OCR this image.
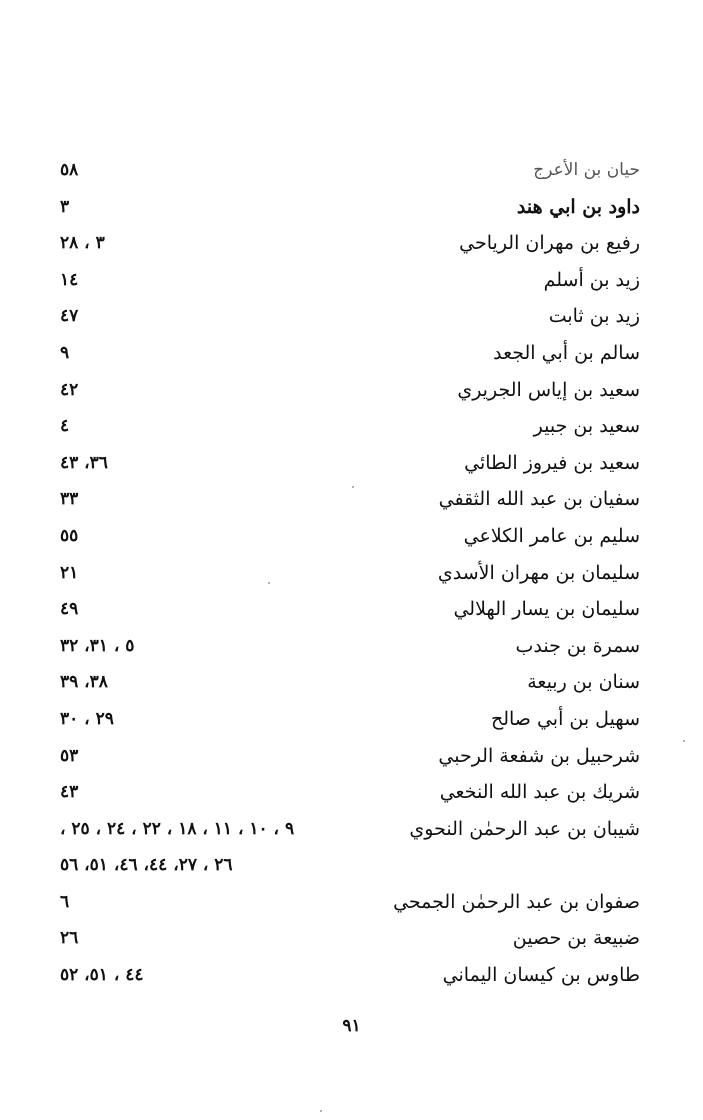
حيان بن الأعرج
٥٨
داود بن ابي هند
٣
رفيع بن مهران الرياحي
٣ ، ٢٨
زيد بن أسلم
١٤
زيد بن ثابت
٤٧
سالم بن أبي الجعد
٩
سعيد بن إياس الجريري
٤٢
سعيد بن جبير
٤
سعيد بن فيروز الطائي
٣٦، ٤٣
سفيان بن عبد الله الثقفي
٣٣
سليم بن عامر الكلاعي
٥٥
سليمان بن مهران الأسدي
٢١
سليمان بن يسار الهلالي
٤٩
سمرة بن جندب
٥ ، ٣١، ٣٢
سنان بن ربيعة
٣٨، ٣٩
سهيل بن أبي صالح
٢٩ ، ٣٠
شرحبيل بن شفعة الرحبي
٥٣
شريك بن عبد الله النخعي
٤٣
شيبان بن عبد الرحمٰن النحوي
٩ ، ١٠ ، ١١ ، ١٨ ، ٢٢ ، ٢٤ ، ٢٥ ،
٢٦ ، ٢٧، ٤٤، ٤٦، ٥١، ٥٦
صفوان بن عبد الرحمٰن الجمحي
٦
ضبيعة بن حصين
٢٦
طاوس بن كيسان اليماني
٤٤ ، ٥١، ٥٢
٩١
